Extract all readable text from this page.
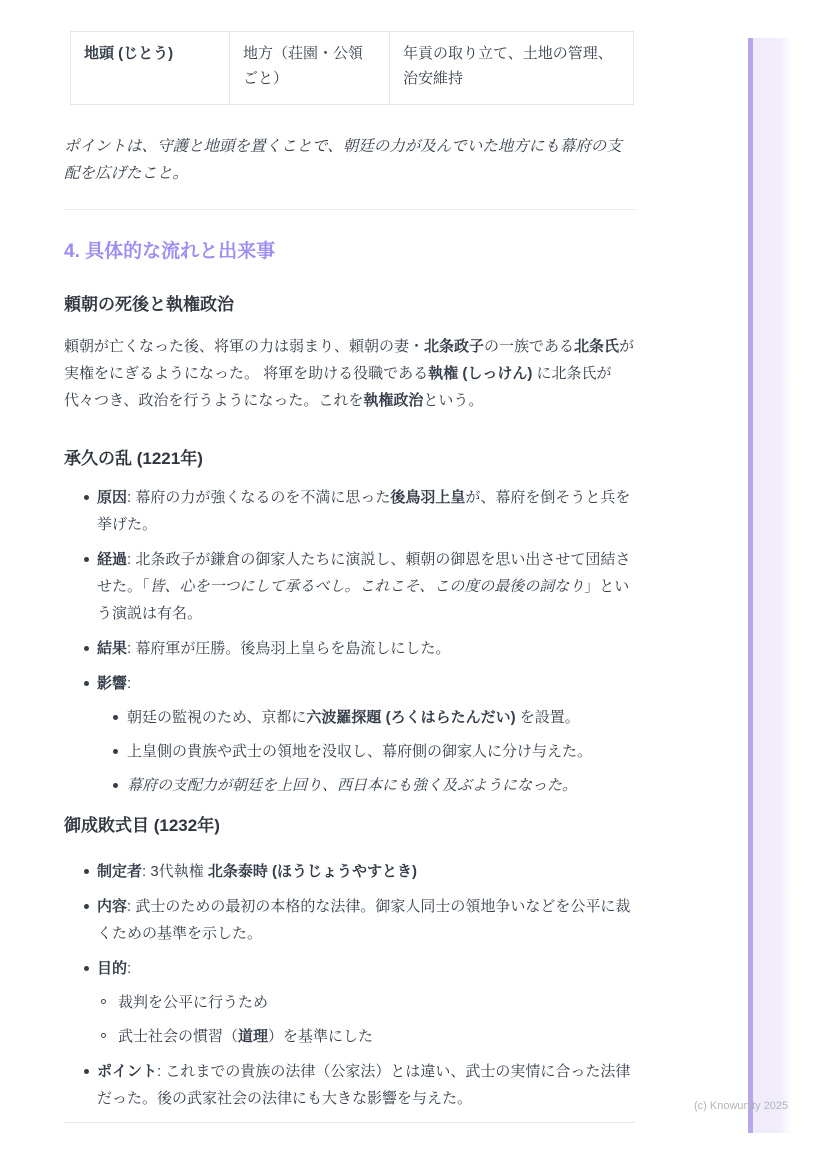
地頭 (じとう)	地方（荘園・公領ごと）	年貢の取り立て、土地の管理、治安維持

ポイントは、守護と地頭を置くことで、朝廷の力が及んでいた地方にも幕府の支配を広げたこと。

4. 具体的な流れと出来事
頼朝の死後と執権政治

頼朝が亡くなった後、将軍の力は弱まり、頼朝の妻・北条政子の一族である北条氏が実権をにぎるようになった。 将軍を助ける役職である執権 (しっけん) に北条氏が代々つき、政治を行うようになった。これを執権政治という。

承久の乱 (1221年)
原因: 幕府の力が強くなるのを不満に思った後鳥羽上皇が、幕府を倒そうと兵を挙げた。
経過: 北条政子が鎌倉の御家人たちに演説し、頼朝の御恩を思い出させて団結させた。「皆、心を一つにして承るべし。これこそ、この度の最後の詞なり」という演説は有名。
結果: 幕府軍が圧勝。後鳥羽上皇らを島流しにした。
影響:
朝廷の監視のため、京都に六波羅探題 (ろくはらたんだい) を設置。
上皇側の貴族や武士の領地を没収し、幕府側の御家人に分け与えた。
幕府の支配力が朝廷を上回り、西日本にも強く及ぶようになった。
御成敗式目 (1232年)
制定者: 3代執権 北条泰時 (ほうじょうやすとき)
内容: 武士のための最初の本格的な法律。御家人同士の領地争いなどを公平に裁くための基準を示した。
目的:
裁判を公平に行うため
武士社会の慣習（道理）を基準にした
ポイント: これまでの貴族の法律（公家法）とは違い、武士の実情に合った法律だった。後の武家社会の法律にも大きな影響を与えた。	(c) Knowunity 2025
